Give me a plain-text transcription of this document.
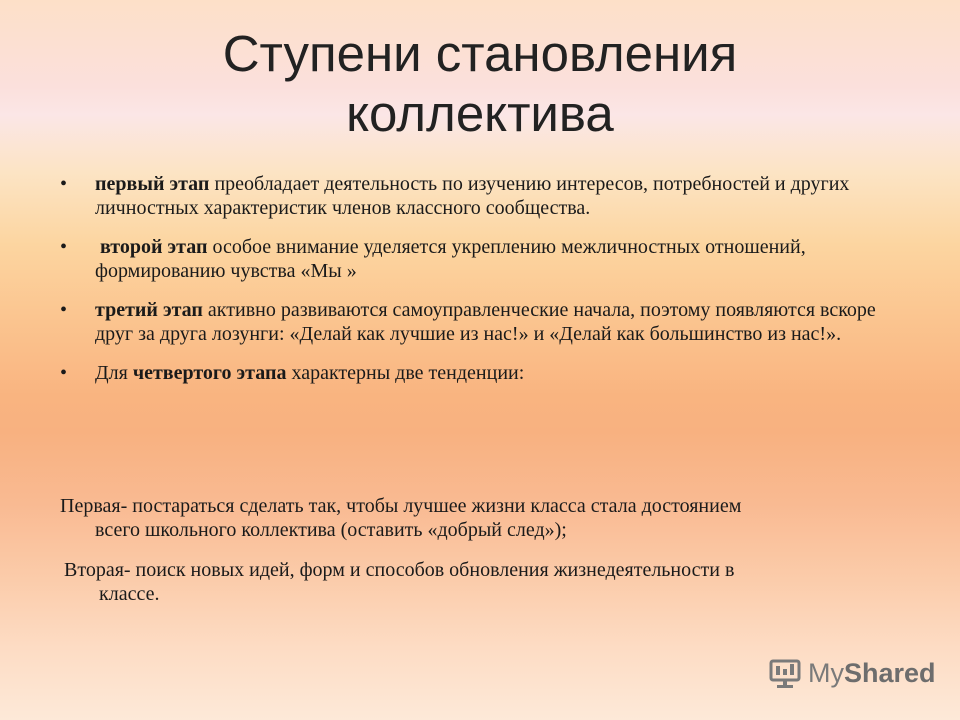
Ступени становления
коллектива
• первый этап преобладает деятельность по изучению интересов, потребностей и других личностных характеристик членов классного сообщества.
• второй этап особое внимание уделяется укреплению межличностных отношений, формированию чувства «Мы »
• третий этап активно развиваются самоуправленческие начала, поэтому появляются вскоре друг за друга лозунги: «Делай как лучшие из нас!» и «Делай как большинство из нас!».
• Для четвертого этапа характерны две тенденции:
Первая- постараться сделать так, чтобы лучшее жизни класса стала достоянием
всего школьного коллектива (оставить «добрый след»);
Вторая- поиск новых идей, форм и способов обновления жизнедеятельности в
классе.
MyShared
